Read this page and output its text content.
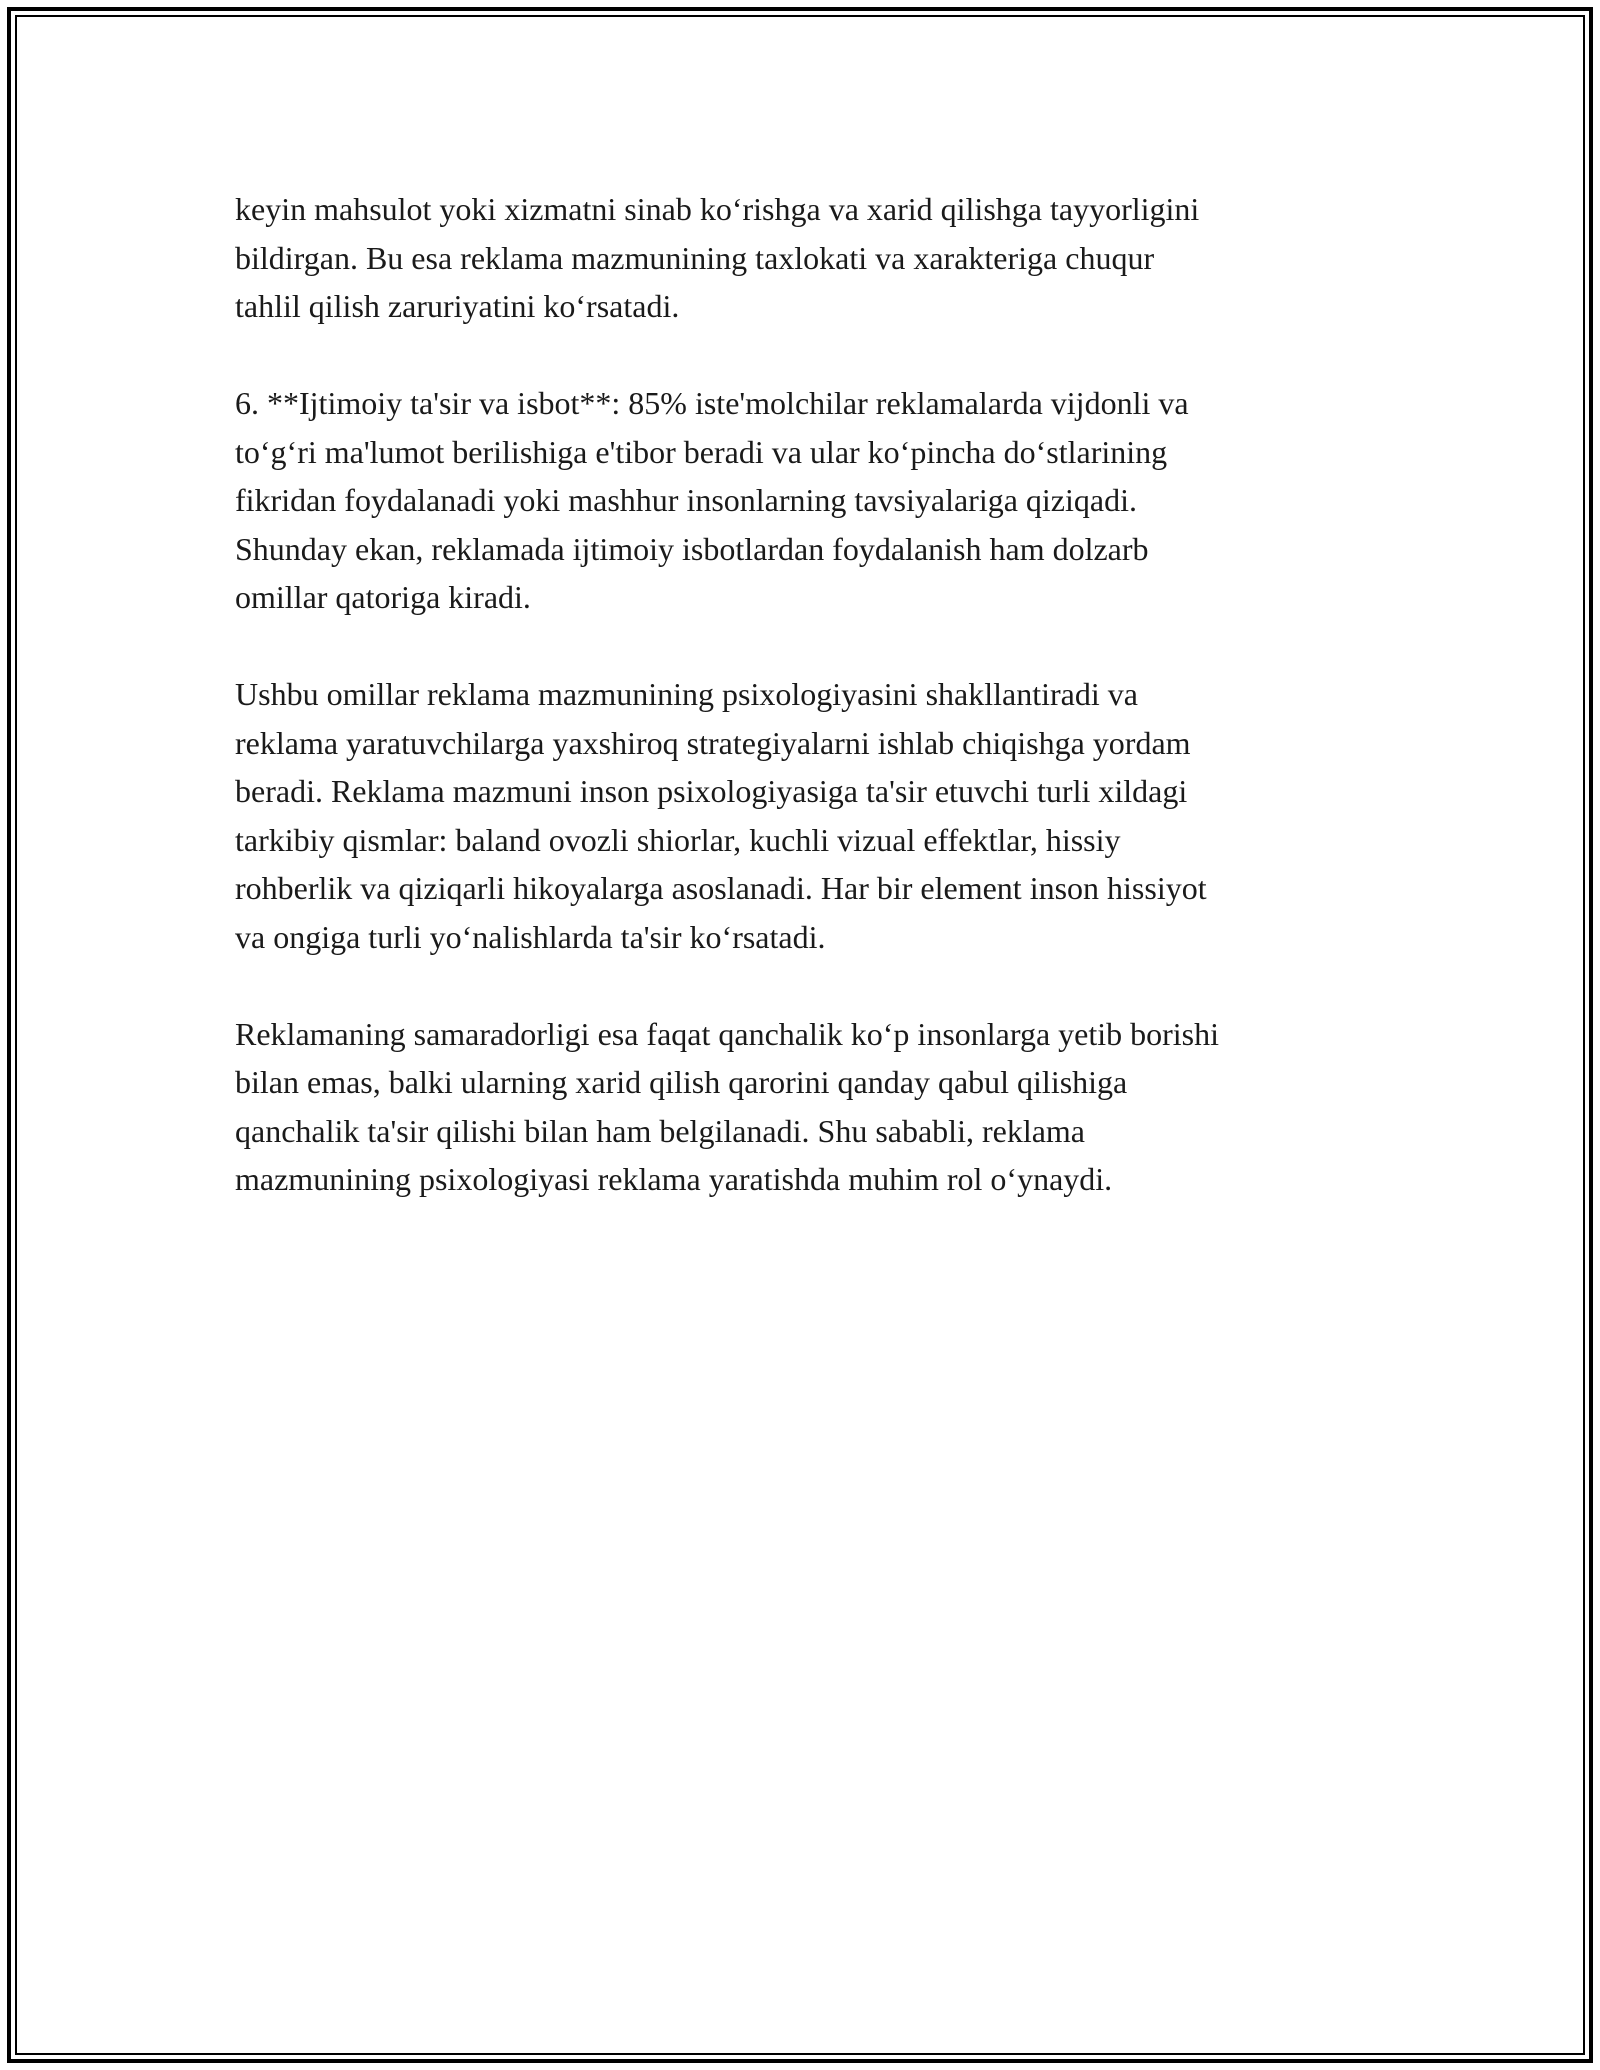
keyin mahsulot yoki xizmatni sinab ko‘rishga va xarid qilishga tayyorligini
bildirgan. Bu esa reklama mazmunining taxlokati va xarakteriga chuqur
tahlil qilish zaruriyatini ko‘rsatadi.

6. **Ijtimoiy ta'sir va isbot**: 85% iste'molchilar reklamalarda vijdonli va
to‘g‘ri ma'lumot berilishiga e'tibor beradi va ular ko‘pincha do‘stlarining
fikridan foydalanadi yoki mashhur insonlarning tavsiyalariga qiziqadi.
Shunday ekan, reklamada ijtimoiy isbotlardan foydalanish ham dolzarb
omillar qatoriga kiradi.

Ushbu omillar reklama mazmunining psixologiyasini shakllantiradi va
reklama yaratuvchilarga yaxshiroq strategiyalarni ishlab chiqishga yordam
beradi. Reklama mazmuni inson psixologiyasiga ta'sir etuvchi turli xildagi
tarkibiy qismlar: baland ovozli shiorlar, kuchli vizual effektlar, hissiy
rohberlik va qiziqarli hikoyalarga asoslanadi. Har bir element inson hissiyot
va ongiga turli yo‘nalishlarda ta'sir ko‘rsatadi.

Reklamaning samaradorligi esa faqat qanchalik ko‘p insonlarga yetib borishi
bilan emas, balki ularning xarid qilish qarorini qanday qabul qilishiga
qanchalik ta'sir qilishi bilan ham belgilanadi. Shu sababli, reklama
mazmunining psixologiyasi reklama yaratishda muhim rol o‘ynaydi.
